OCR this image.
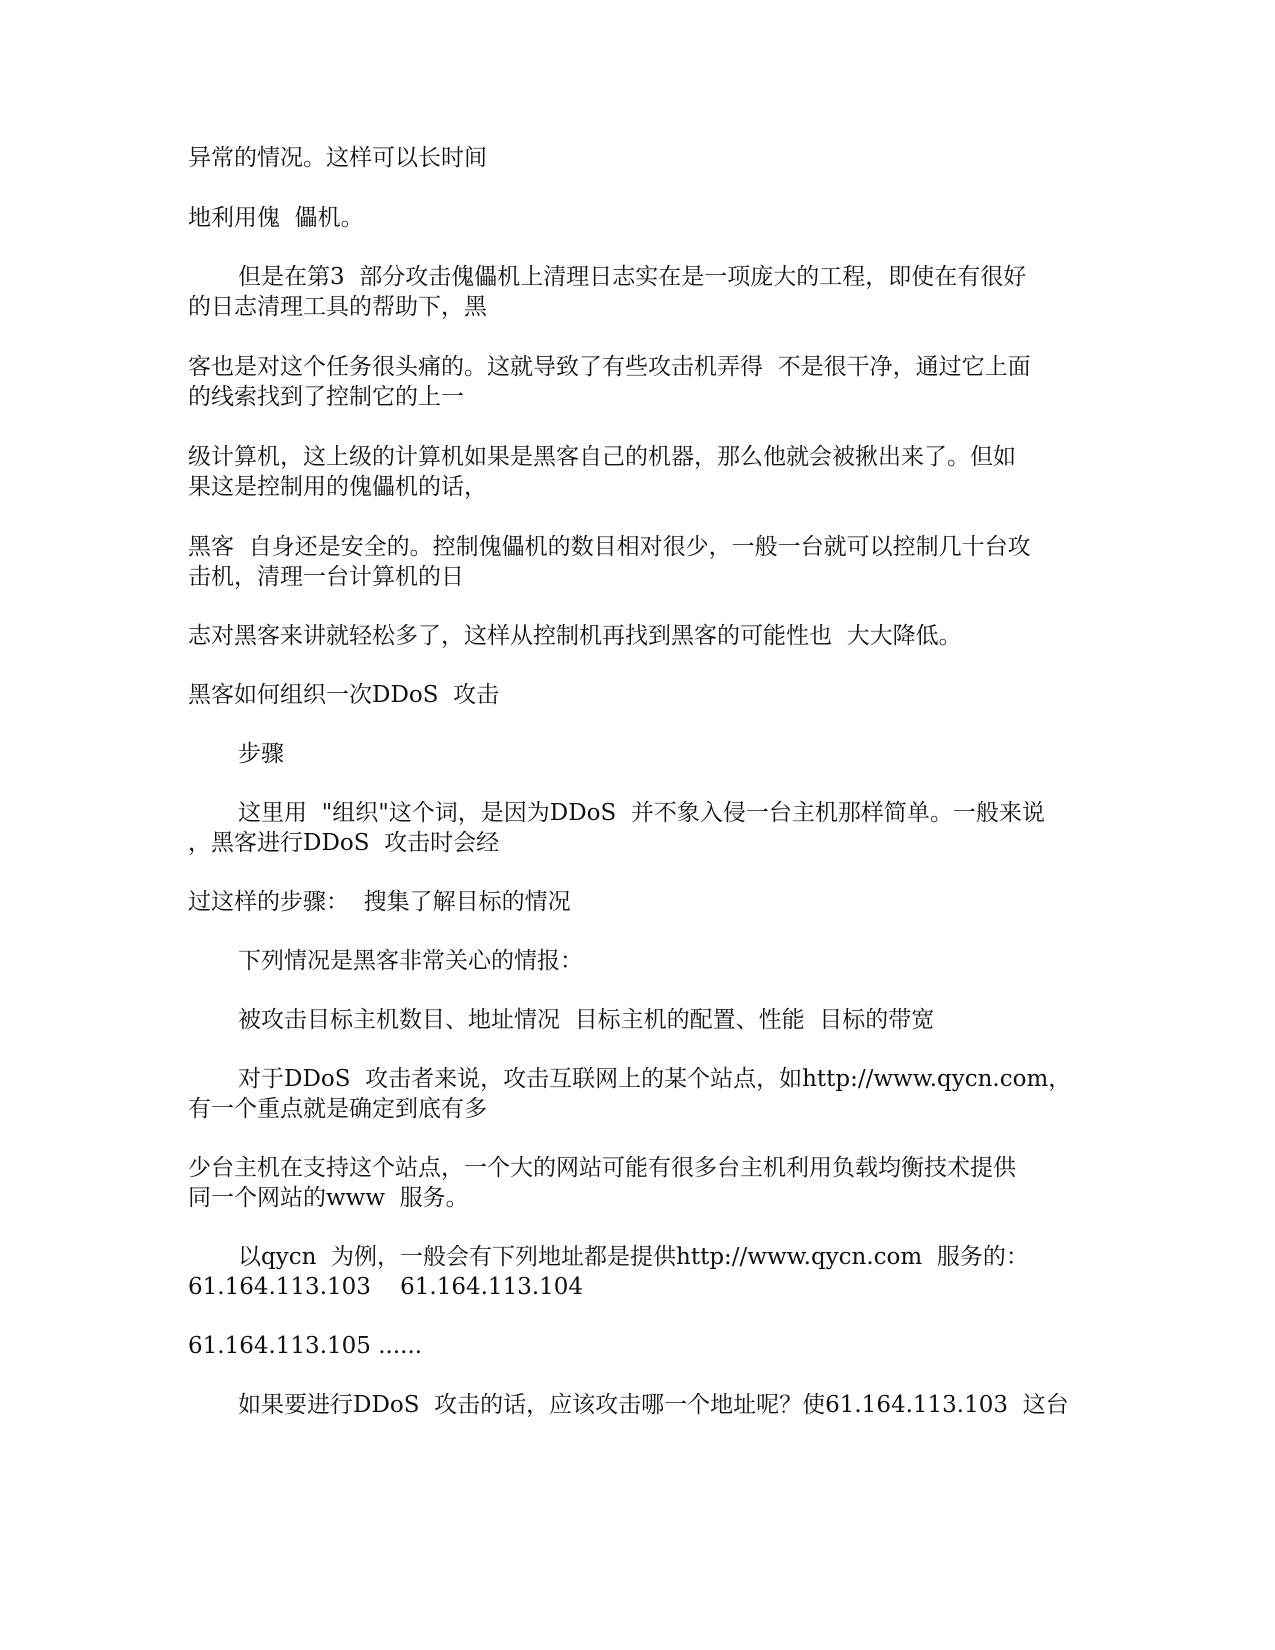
异常的情况。这样可以长时间
地利用傀  儡机。
但是在第3  部分攻击傀儡机上清理日志实在是一项庞大的工程，即使在有很好
的日志清理工具的帮助下，黑
客也是对这个任务很头痛的。这就导致了有些攻击机弄得  不是很干净，通过它上面
的线索找到了控制它的上一
级计算机，这上级的计算机如果是黑客自己的机器，那么他就会被揪出来了。但如
果这是控制用的傀儡机的话，
黑客  自身还是安全的。控制傀儡机的数目相对很少，一般一台就可以控制几十台攻
击机，清理一台计算机的日
志对黑客来讲就轻松多了，这样从控制机再找到黑客的可能性也  大大降低。
黑客如何组织一次DDoS  攻击
步骤
这里用  "组织"这个词，是因为DDoS  并不象入侵一台主机那样简单。一般来说
，黑客进行DDoS  攻击时会经
过这样的步骤：  搜集了解目标的情况
下列情况是黑客非常关心的情报：
被攻击目标主机数目、地址情况  目标主机的配置、性能  目标的带宽
对于DDoS  攻击者来说，攻击互联网上的某个站点，如http://www.qycn.com，
有一个重点就是确定到底有多
少台主机在支持这个站点，一个大的网站可能有很多台主机利用负载均衡技术提供
同一个网站的www  服务。
以qycn  为例，一般会有下列地址都是提供http://www.qycn.com  服务的：
61.164.113.103    61.164.113.104
61.164.113.105 ......
如果要进行DDoS  攻击的话，应该攻击哪一个地址呢？使61.164.113.103  这台
